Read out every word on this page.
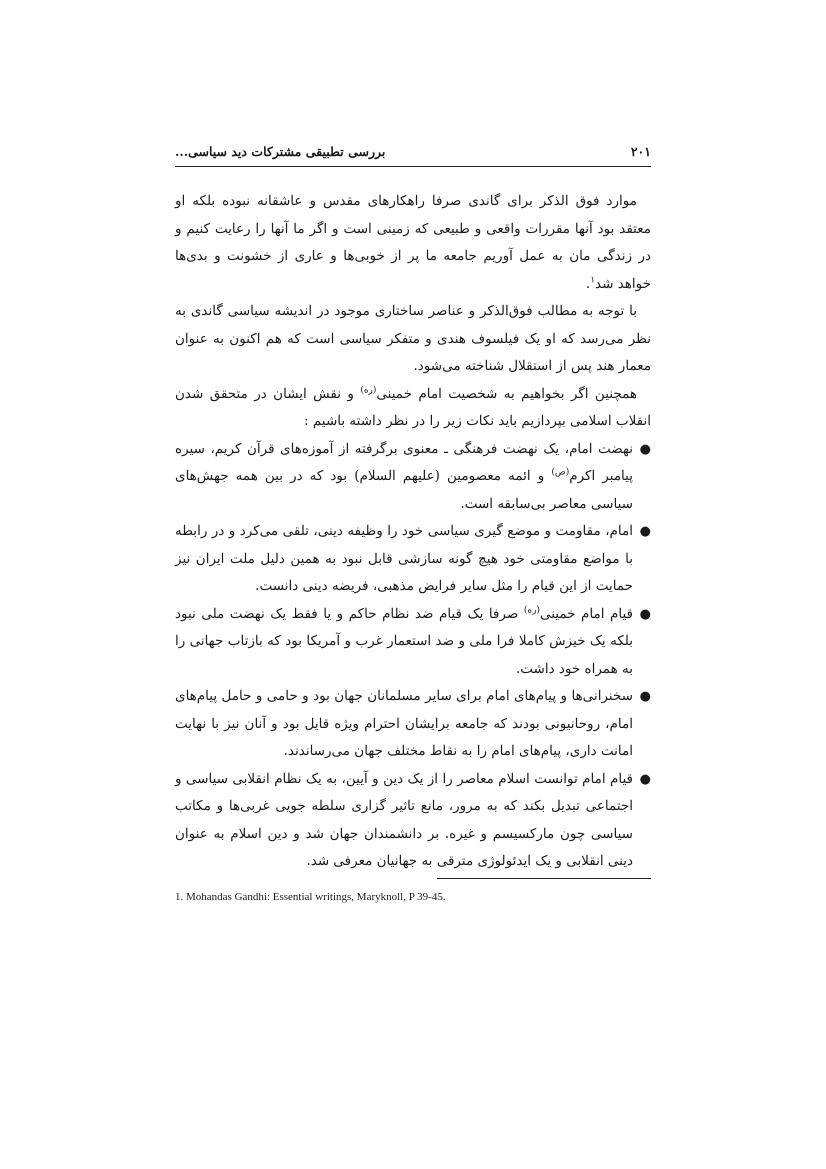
۲۰۱
بررسی تطبیقی مشترکات دید سیاسی...

موارد فوق الذکر برای گاندی صرفا راهکارهای مقدس و عاشقانه نبوده بلکه او معتقد بود آنها مقررات واقعی و طبیعی که زمینی است و اگر ما آنها را رعایت کنیم و در زندگی مان به عمل آوریم جامعه ما پر از خوبی‌ها و عاری از خشونت و بدی‌ها خواهد شد$^۱$.

با توجه به مطالب فوق‌الذکر و عناصر ساختاری موجود در اندیشه سیاسی گاندی به نظر می‌رسد که او یک فیلسوف هندی و متفکر سیاسی است که هم اکنون به عنوان معمار هند پس از استقلال شناخته می‌شود.

همچنین اگر بخواهیم به شخصیت امام خمینی$^{(ره)}$ و نقش ایشان در متحقق شدن انقلاب اسلامی بپردازیم باید نکات زیر را در نظر داشته باشیم :

●
نهضت امام، یک نهضت فرهنگی ـ معنوی برگرفته از آموزه‌های قرآن کریم، سیره پیامبر اکرم$^{(ص)}$ و ائمه معصومین (علیهم السلام) بود که در بین همه جهش‌های سیاسی معاصر بی‌سابقه است.
●
امام، مقاومت و موضع گیری سیاسی خود را وظیفه دینی، تلقی می‌کرد و در رابطه با مواضع مقاومتی خود هیچ گونه سازشی قابل نبود به همین دلیل ملت ایران نیز حمایت از این قیام را مثل سایر فرایض مذهبی، فریضه دینی دانست.
●
قیام امام خمینی$^{(ره)}$ صرفا یک قیام ضد نظام حاکم و یا فقط یک نهضت ملی نبود بلکه یک خیزش کاملا فرا ملی و ضد استعمار غرب و آمریکا بود که بازتاب جهانی را به همراه خود داشت.
●
سخنرانی‌ها و پیام‌های امام برای سایر مسلمانان جهان بود و حامی و حامل پیام‌های امام، روحانیونی بودند که جامعه برایشان احترام ویژه قایل بود و آنان نیز با نهایت امانت داری، پیام‌های امام را به نقاط مختلف جهان می‌رساندند.
●
قیام امام توانست اسلام معاصر را از یک دین و آیین، به یک نظام انقلابی سیاسی و اجتماعی تبدیل بکند که به مرور، مانع تاثیر گزاری سلطه جویی غربی‌ها و مکاتب سیاسی چون مارکسیسم و غیره. بر دانشمندان جهان شد و دین اسلام به عنوان دینی انقلابی و یک ایدئولوژی مترقی به جهانیان معرفی شد.
1. Mohandas Gandhi: Essential writings, Maryknoll, P 39-45.
